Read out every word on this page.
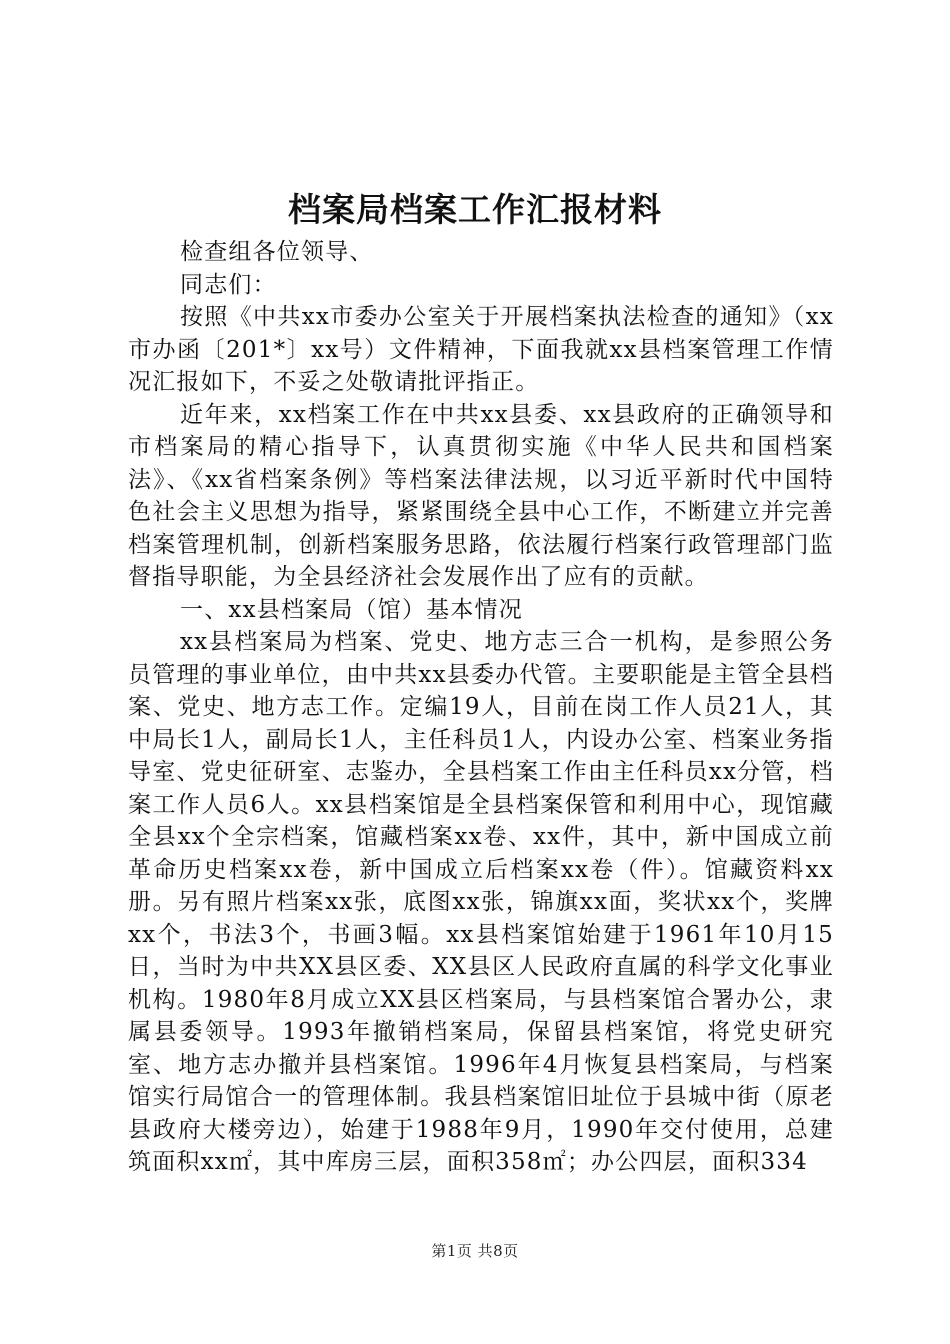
档案局档案工作汇报材料

检查组各位领导、

同志们：

按照《中共xx市委办公室关于开展档案执法检查的通知》（xx市办函〔201*〕xx号）文件精神，下面我就xx县档案管理工作情况汇报如下，不妥之处敬请批评指正。

近年来，xx档案工作在中共xx县委、xx县政府的正确领导和市档案局的精心指导下，认真贯彻实施《中华人民共和国档案法》、《xx省档案条例》等档案法律法规，以习近平新时代中国特色社会主义思想为指导，紧紧围绕全县中心工作，不断建立并完善档案管理机制，创新档案服务思路，依法履行档案行政管理部门监督指导职能，为全县经济社会发展作出了应有的贡献。

一、xx县档案局（馆）基本情况

xx县档案局为档案、党史、地方志三合一机构，是参照公务员管理的事业单位，由中共xx县委办代管。主要职能是主管全县档案、党史、地方志工作。定编19人，目前在岗工作人员21人，其中局长1人，副局长1人，主任科员1人，内设办公室、档案业务指导室、党史征研室、志鉴办，全县档案工作由主任科员xx分管，档案工作人员6人。xx县档案馆是全县档案保管和利用中心，现馆藏全县xx个全宗档案，馆藏档案xx卷、xx件，其中，新中国成立前革命历史档案xx卷，新中国成立后档案xx卷（件）。馆藏资料xx册。另有照片档案xx张，底图xx张，锦旗xx面，奖状xx个，奖牌xx个，书法3个，书画3幅。xx县档案馆始建于1961年10月15日，当时为中共XX县区委、XX县区人民政府直属的科学文化事业机构。1980年8月成立XX县区档案局，与县档案馆合署办公，隶属县委领导。1993年撤销档案局，保留县档案馆，将党史研究室、地方志办撤并县档案馆。1996年4月恢复县档案局，与档案馆实行局馆合一的管理体制。我县档案馆旧址位于县城中街（原老县政府大楼旁边），始建于1988年9月，1990年交付使用，总建筑面积xx㎡，其中库房三层，面积358㎡；办公四层，面积334

第1页 共8页
